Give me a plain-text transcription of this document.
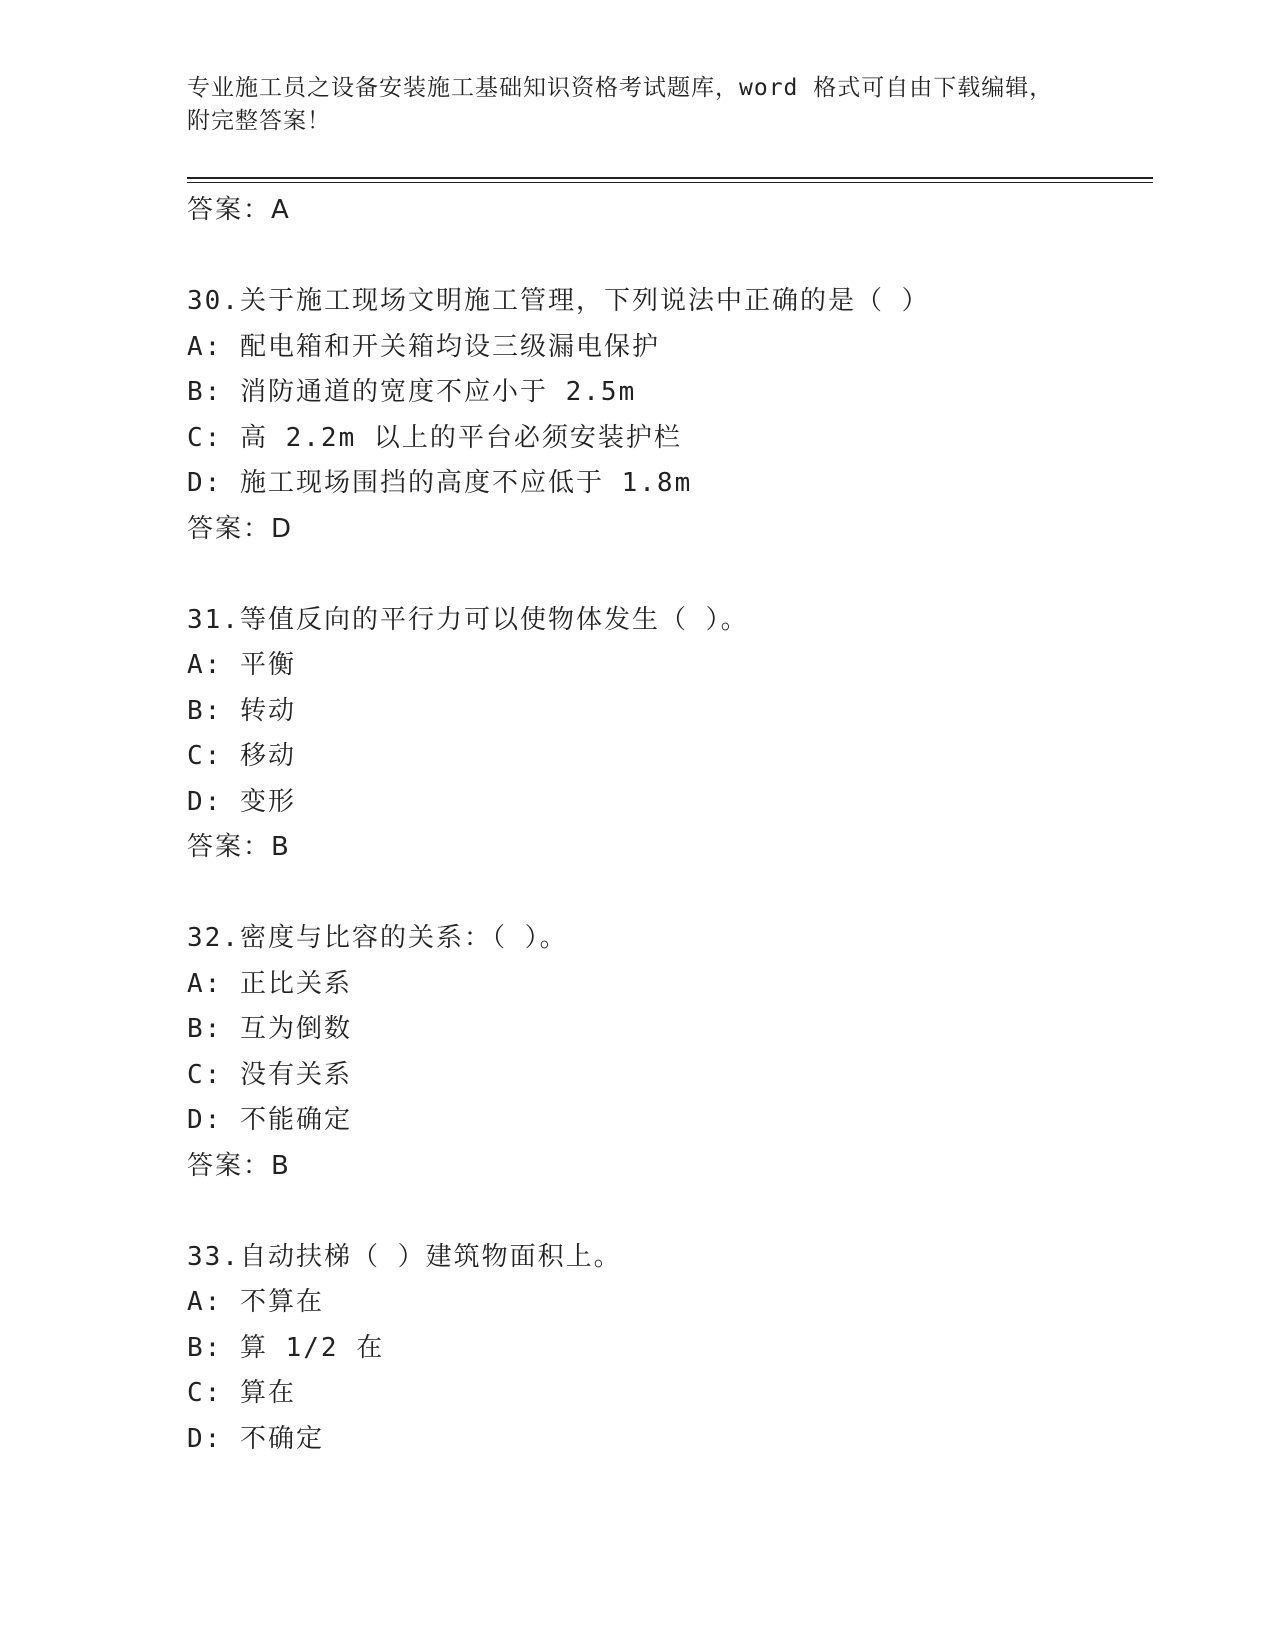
专业施工员之设备安装施工基础知识资格考试题库，word 格式可自由下载编辑，
附完整答案！
答案：A
30.关于施工现场文明施工管理，下列说法中正确的是（ ）
A: 配电箱和开关箱均设三级漏电保护
B: 消防通道的宽度不应小于 2.5m
C: 高 2.2m 以上的平台必须安装护栏
D: 施工现场围挡的高度不应低于 1.8m
答案：D
31.等值反向的平行力可以使物体发生（ ）。
A: 平衡
B: 转动
C: 移动
D: 变形
答案：B
32.密度与比容的关系：（ ）。
A: 正比关系
B: 互为倒数
C: 没有关系
D: 不能确定
答案：B
33.自动扶梯（ ）建筑物面积上。
A: 不算在
B: 算 1/2 在
C: 算在
D: 不确定
